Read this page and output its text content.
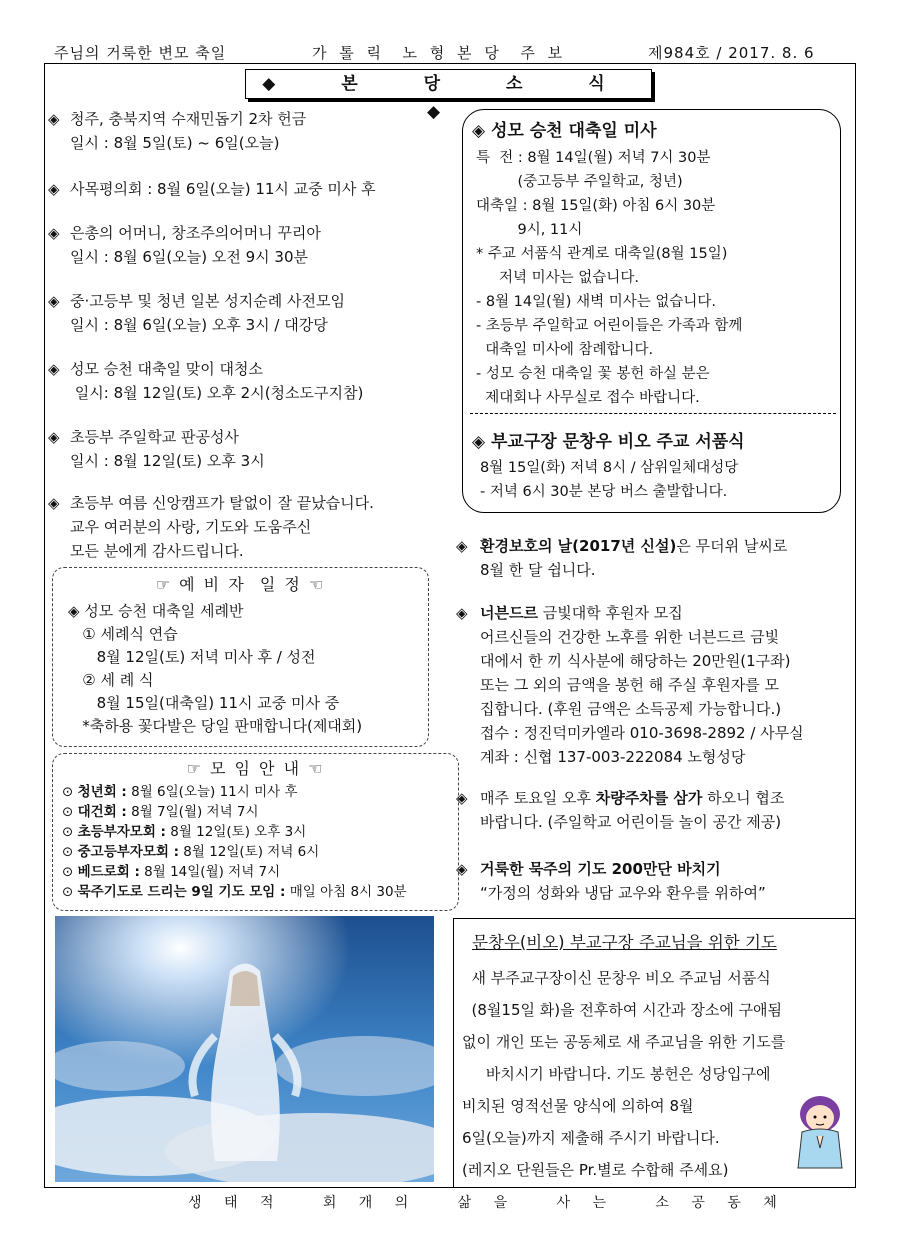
주님의 거룩한 변모 축일	가 톨 릭  노 형 본 당  주 보	제984호 / 2017. 8. 6
◆ 본 당 소 식 ◆
◈ 청주, 충북지역 수재민돕기 2차 헌금
일시 : 8월 5일(토) ~ 6일(오늘)
◈ 사목평의회 : 8월 6일(오늘) 11시 교중 미사 후
◈ 은총의 어머니, 창조주의어머니 꾸리아
일시 : 8월 6일(오늘) 오전 9시 30분
◈ 중·고등부 및 청년 일본 성지순례 사전모임
일시 : 8월 6일(오늘) 오후 3시 / 대강당
◈ 성모 승천 대축일 맞이 대청소
일시: 8월 12일(토) 오후 2시(청소도구지참)
◈ 초등부 주일학교 판공성사
일시 : 8월 12일(토) 오후 3시
◈ 초등부 여름 신앙캠프가 탈없이 잘 끝났습니다.
교우 여러분의 사랑, 기도와 도움주신
모든 분에게 감사드립니다.
◈ 성모 승천 대축일 미사
특  전 : 8월 14일(월) 저녁 7시 30분
(중고등부 주일학교, 청년)
대축일 : 8월 15일(화) 아침 6시 30분
9시, 11시
* 주교 서품식 관계로 대축일(8월 15일)
저녁 미사는 없습니다.
- 8월 14일(월) 새벽 미사는 없습니다.
- 초등부 주일학교 어린이들은 가족과 함께
대축일 미사에 참례합니다.
- 성모 승천 대축일 꽃 봉헌 하실 분은
제대회나 사무실로 접수 바랍니다.
◈ 부교구장 문창우 비오 주교 서품식
8월 15일(화) 저녁 8시 / 삼위일체대성당
- 저녁 6시 30분 본당 버스 출발합니다.
◈ 환경보호의 날(2017년 신설)은 무더위 날씨로
8월 한 달 쉽니다.
◈ 너븐드르 금빛대학 후원자 모집
어르신들의 건강한 노후를 위한 너븐드르 금빛
대에서 한 끼 식사분에 해당하는 20만원(1구좌)
또는 그 외의 금액을 봉헌 해 주실 후원자를 모
집합니다. (후원 금액은 소득공제 가능합니다.)
접수 : 정진덕미카엘라 010-3698-2892 / 사무실
계좌 : 신협 137-003-222084 노형성당
◈ 매주 토요일 오후 차량주차를 삼가 하오니 협조
바랍니다. (주일학교 어린이들 놀이 공간 제공)
◈ 거룩한 묵주의 기도 200만단 바치기
“가정의 성화와 냉담 교우와 환우를 위하여”
☞ 예 비 자  일 정 ☜
◈ 성모 승천 대축일 세례반
① 세례식 연습
8월 12일(토) 저녁 미사 후 / 성전
② 세 례 식
8월 15일(대축일) 11시 교중 미사 중
*축하용 꽃다발은 당일 판매합니다(제대회)
☞ 모 임 안 내 ☜
⊙ 청년회 : 8월 6일(오늘) 11시 미사 후
⊙ 대건회 : 8월 7일(월) 저녁 7시
⊙ 초등부자모회 : 8월 12일(토) 오후 3시
⊙ 중고등부자모회 : 8월 12일(토) 저녁 6시
⊙ 베드로회 : 8월 14일(월) 저녁 7시
⊙ 묵주기도로 드리는 9일 기도 모임 : 매일 아침 8시 30분
문창우(비오) 부교구장 주교님을 위한 기도
새 부주교구장이신 문창우 비오 주교님 서품식
(8월15일 화)을 전후하여 시간과 장소에 구애됨
없이 개인 또는 공동체로 새 주교님을 위한 기도를
바치시기 바랍니다. 기도 봉헌은 성당입구에
비치된 영적선물 양식에 의하여 8월
6일(오늘)까지 제출해 주시기 바랍니다.
(레지오 단원들은 Pr.별로 수합해 주세요)
생 태 적   회 개 의   삶 을   사 는   소 공 동 체
